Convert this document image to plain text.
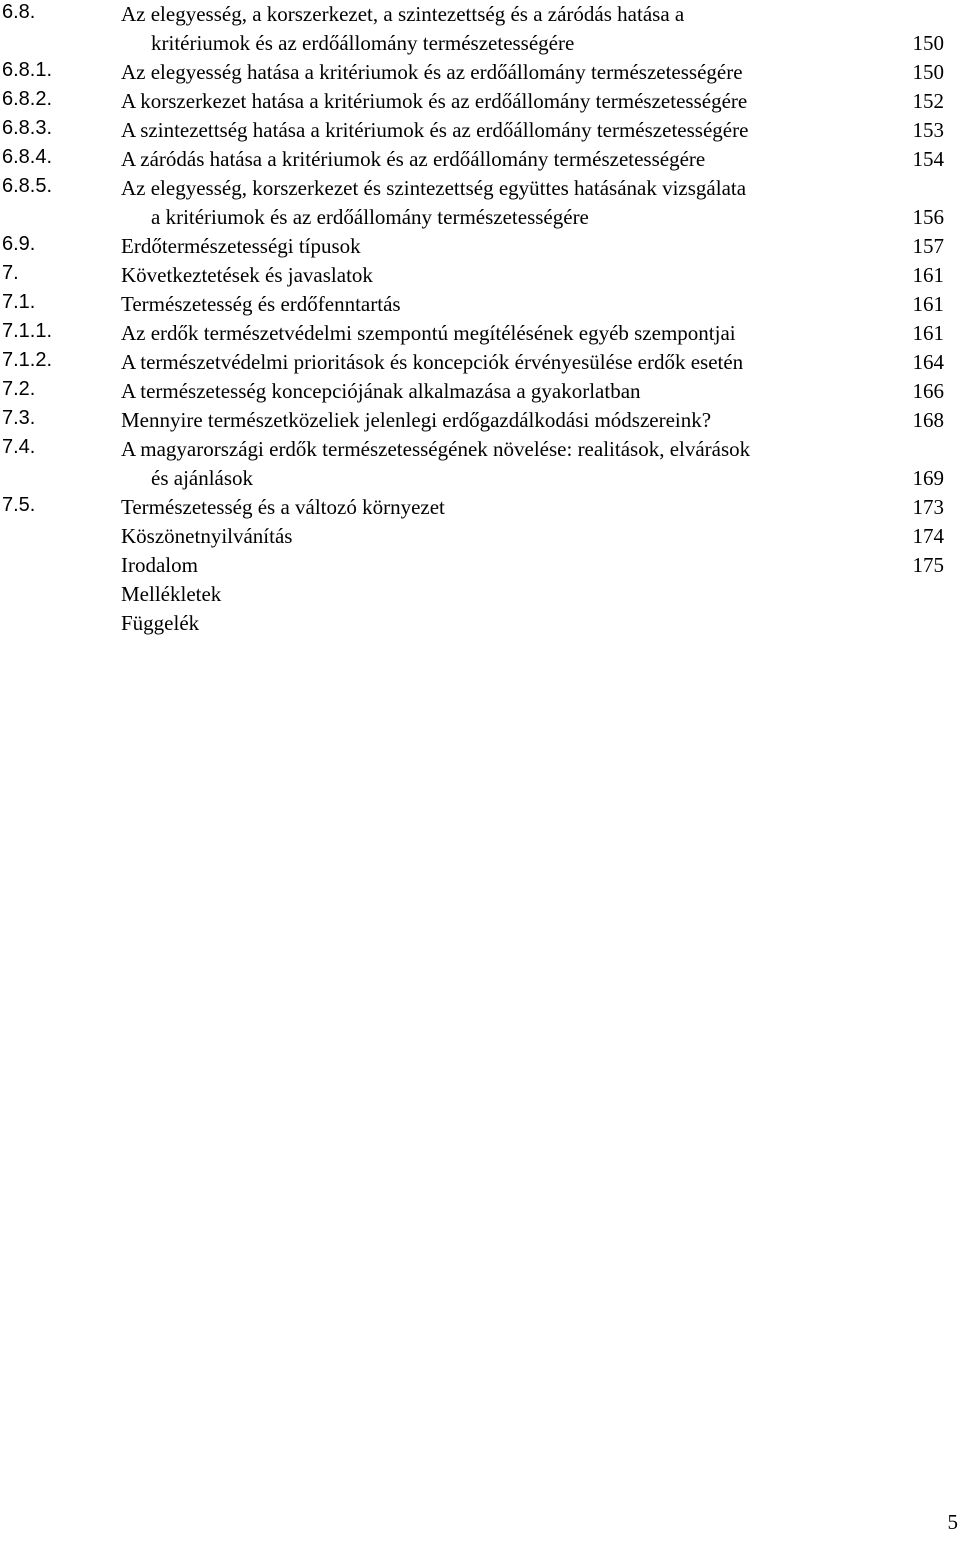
6.8.	Az elegyesség, a korszerkezet, a szintezettség és a záródás hatása a
kritériumok és az erdőállomány természetességére	150
6.8.1.	Az elegyesség hatása a kritériumok és az erdőállomány természetességére	150
6.8.2.	A korszerkezet hatása a kritériumok és az erdőállomány természetességére	152
6.8.3.	A szintezettség hatása a kritériumok és az erdőállomány természetességére	153
6.8.4.	A záródás hatása a kritériumok és az erdőállomány természetességére	154
6.8.5.	Az elegyesség, korszerkezet és szintezettség együttes hatásának vizsgálata
a kritériumok és az erdőállomány természetességére	156
6.9.	Erdőtermészetességi típusok	157
7.	Következtetések és javaslatok	161
7.1.	Természetesség és erdőfenntartás	161
7.1.1.	Az erdők természetvédelmi szempontú megítélésének egyéb szempontjai	161
7.1.2.	A természetvédelmi prioritások és koncepciók érvényesülése erdők esetén	164
7.2.	A természetesség koncepciójának alkalmazása a gyakorlatban	166
7.3.	Mennyire természetközeliek jelenlegi erdőgazdálkodási módszereink?	168
7.4.	A magyarországi erdők természetességének növelése: realitások, elvárások
és ajánlások	169
7.5.	Természetesség és a változó környezet	173
Köszönetnyilvánítás	174
Irodalom	175
Mellékletek
Függelék
5
